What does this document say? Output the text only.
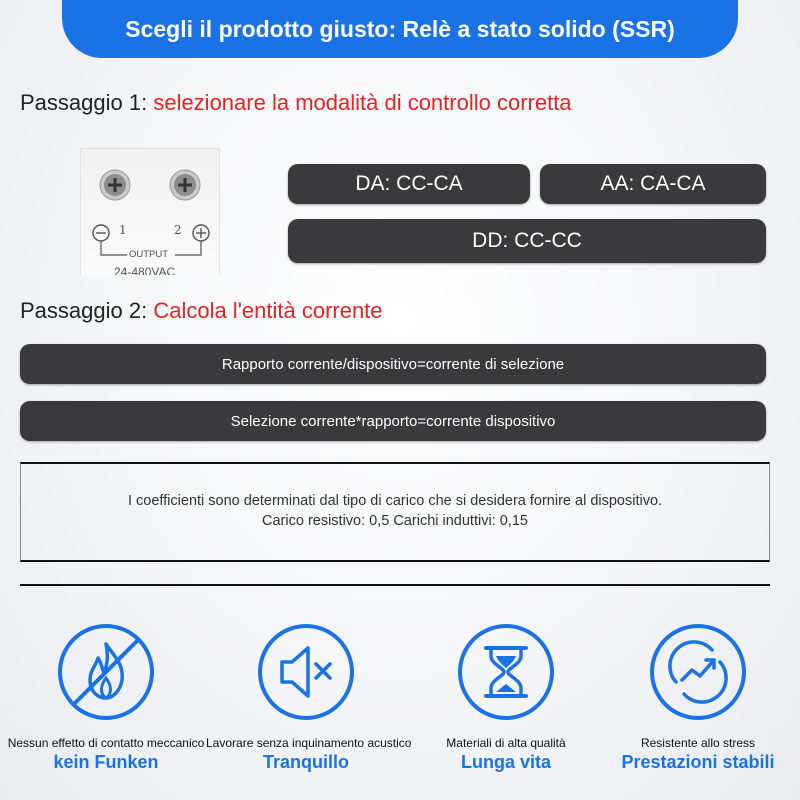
Scegli il prodotto giusto: Relè a stato solido (SSR)
Passaggio 1: selezionare la modalità di controllo corretta
1	2
OUTPUT
24-480VAC
DA: CC-CA	AA: CA-CA
DD: CC-CC
Passaggio 2: Calcola l'entità corrente
Rapporto corrente/dispositivo=corrente di selezione
Selezione corrente*rapporto=corrente dispositivo
I coefficienti sono determinati dal tipo di carico che si desidera fornire al dispositivo.
Carico resistivo: 0,5 Carichi induttivi: 0,15
Nessun effetto di contatto meccanico
kein Funken
Lavorare senza inquinamento acustico
Tranquillo
Materiali di alta qualità
Lunga vita
Resistente allo stress
Prestazioni stabili
